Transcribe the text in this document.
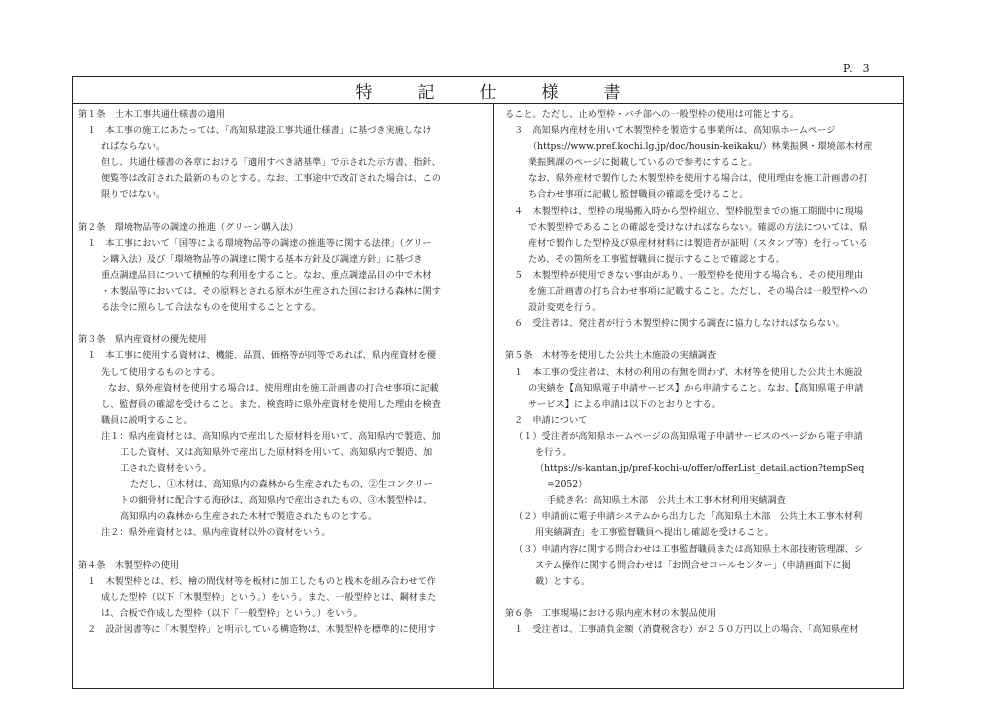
P.  3
特　記　仕　様　書
第１条　土木工事共通仕様書の適用
１　本工事の施工にあたっては、「高知県建設工事共通仕様書」に基づき実施しなけ
ればならない。
但し、共通仕様書の各章における「適用すべき諸基準」で示された示方書、指針、
便覧等は改訂された最新のものとする。なお、工事途中で改訂された場合は、この
限りではない。
第２条　環境物品等の調達の推進（グリーン購入法）
１　本工事において「国等による環境物品等の調達の推進等に関する法律」（グリー
ン購入法）及び「環境物品等の調達に関する基本方針及び調達方針」に基づき
重点調達品目について積極的な利用をすること。なお、重点調達品目の中で木材
・木製品等においては、その原料とされる原木が生産された国における森林に関す
る法令に照らして合法なものを使用することとする。
第３条　県内産資材の優先使用
１　本工事に使用する資材は、機能、品質、価格等が同等であれば、県内産資材を優
先して使用するものとする。
なお、県外産資材を使用する場合は、使用理由を施工計画書の打合せ事項に記載
し、監督員の確認を受けること。また、検査時に県外産資材を使用した理由を検査
職員に説明すること。
注１：県内産資材とは、高知県内で産出した原材料を用いて、高知県内で製造、加
工した資材、又は高知県外で産出した原材料を用いて、高知県内で製造、加
工された資材をいう。
ただし、①木材は、高知県内の森林から生産されたもの、②生コンクリー
トの細骨材に配合する海砂は、高知県内で産出されたもの、③木製型枠は、
高知県内の森林から生産された木材で製造されたものとする。
注２：県外産資材とは、県内産資材以外の資材をいう。
第４条　木製型枠の使用
１　木製型枠とは、杉、檜の間伐材等を板材に加工したものと桟木を組み合わせて作
成した型枠（以下「木製型枠」という。）をいう。また、一般型枠とは、鋼材また
は、合板で作成した型枠（以下「一般型枠」という。）をいう。
２　設計図書等に「木製型枠」と明示している構造物は、木製型枠を標準的に使用す
ること。ただし、止め型枠・バチ部への一般型枠の使用は可能とする。
３　高知県内産材を用いて木製型枠を製造する事業所は、高知県ホームページ
（https://www.pref.kochi.lg.jp/doc/housin-keikaku/）林業振興・環境部木材産
業振興課のページに掲載しているので参考にすること。
なお、県外産材で製作した木製型枠を使用する場合は、使用理由を施工計画書の打
ち合わせ事項に記載し監督職員の確認を受けること。
４　木製型枠は、型枠の現場搬入時から型枠組立、型枠脱型までの施工期間中に現場
で木製型枠であることの確認を受けなければならない。確認の方法については、県
産材で製作した型枠及び県産材材料には製造者が証明（スタンプ等）を行っている
ため、その箇所を工事監督職員に提示することで確認とする。
５　木製型枠が使用できない事由があり、一般型枠を使用する場合も、その使用理由
を施工計画書の打ち合わせ事項に記載すること。ただし、その場合は一般型枠への
設計変更を行う。
６　受注者は、発注者が行う木製型枠に関する調査に協力しなければならない。
第５条　木材等を使用した公共土木施設の実績調査
１　本工事の受注者は、木材の利用の有無を問わず、木材等を使用した公共土木施設
の実績を【高知県電子申請サービス】から申請すること。なお、【高知県電子申請
サービス】による申請は以下のとおりとする。
２　申請について
（１）受注者が高知県ホームページの高知県電子申請サービスのページから電子申請
を行う。
（https://s-kantan.jp/pref-kochi-u/offer/offerList_detail.action?tempSeq
=2052）
手続き名：高知県土木部　公共土木工事木材利用実績調査
（２）申請前に電子申請システムから出力した「高知県土木部　公共土木工事木材利
用実績調査」を工事監督職員へ提出し確認を受けること。
（３）申請内容に関する問合わせは工事監督職員または高知県土木部技術管理課、シ
ステム操作に関する問合わせは「お問合せコールセンター」（申請画面下に掲
載）とする。
第６条　工事現場における県内産木材の木製品使用
１　受注者は、工事請負金額（消費税含む）が２５０万円以上の場合、「高知県産材
